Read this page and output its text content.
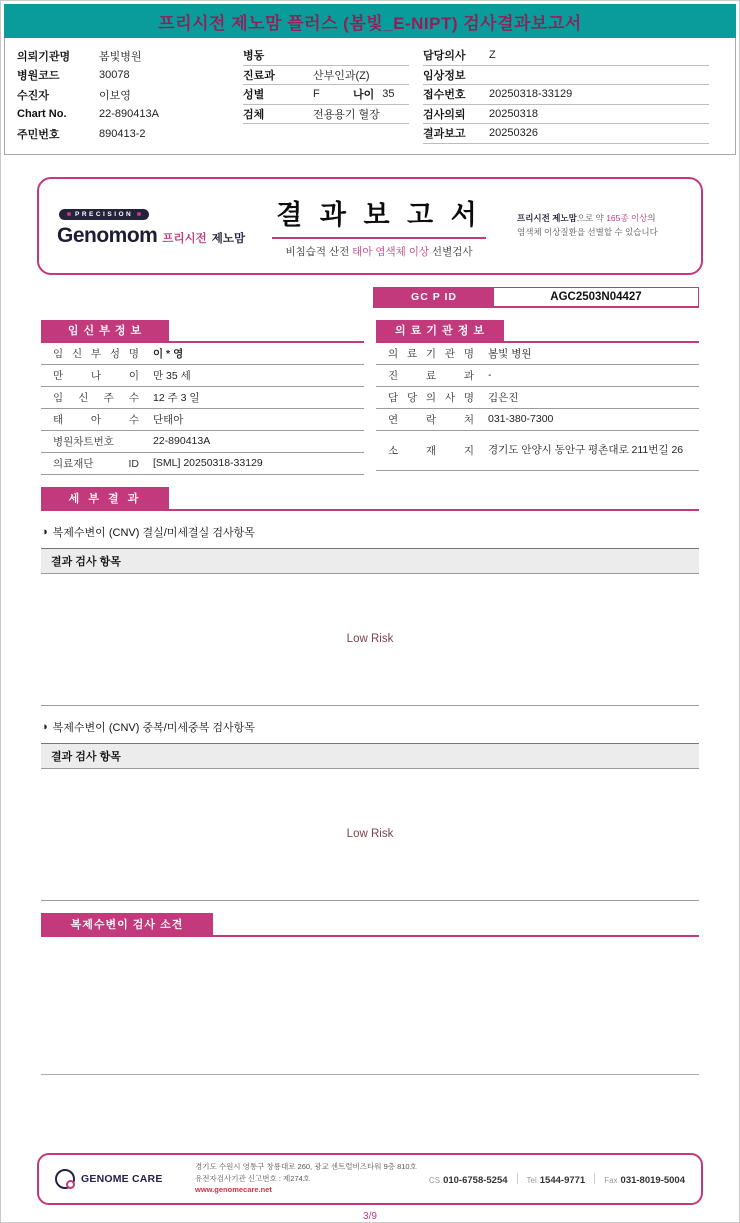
프리시전 제노맘 플러스 (봄빛_E-NIPT) 검사결과보고서
의뢰기관명	봄빛병원
병원코드	30078
수진자	이보영
Chart No.	22-890413A
주민번호	890413-2
병동
진료과	산부인과(Z)
성별	F	나이 35
검체	전용용기 혈장
담당의사	Z
임상정보
접수번호	20250318-33129
검사의뢰	20250318
결과보고	20250326
PRECISION
Genomom 프리시전 제노맘
결 과 보 고 서
비침습적 산전 태아 염색체 이상 선별검사
프리시전 제노맘으로 약 165종 이상의
염색체 이상질환을 선별할 수 있습니다
GC P ID	AGC2503N04427
임 신 부 정 보
임 신 부 성 명	이 * 영
만 나 이	만 35 세
임 신 주 수	12 주 3 일
태 아 수	단태아
병원차트번호	22-890413A
의료재단 ID	[SML] 20250318-33129
의 료 기 관 정 보
의 료 기 관 명	봄빛 병원
진 료 과	-
담 당 의 사 명	김은진
연 락 처	031-380-7300
소 재 지	경기도 안양시 동안구 평촌대로 211번길 26
세 부 결 과
◑ 복제수변이 (CNV) 결실/미세결실 검사항목
결과 검사 항목
Low Risk
◑ 복제수변이 (CNV) 중복/미세중복 검사항목
결과 검사 항목
Low Risk
복제수변이 검사 소견
GENOME CARE
경기도 수원시 영통구 창룡대로 260, 광교 센트럴비즈타워 9층 810호
유전자검사기관 신고번호 : 제274호
www.genomecare.net
CS 010-6758-5254 Tel 1544-9771 Fax 031-8019-5004
3/9
